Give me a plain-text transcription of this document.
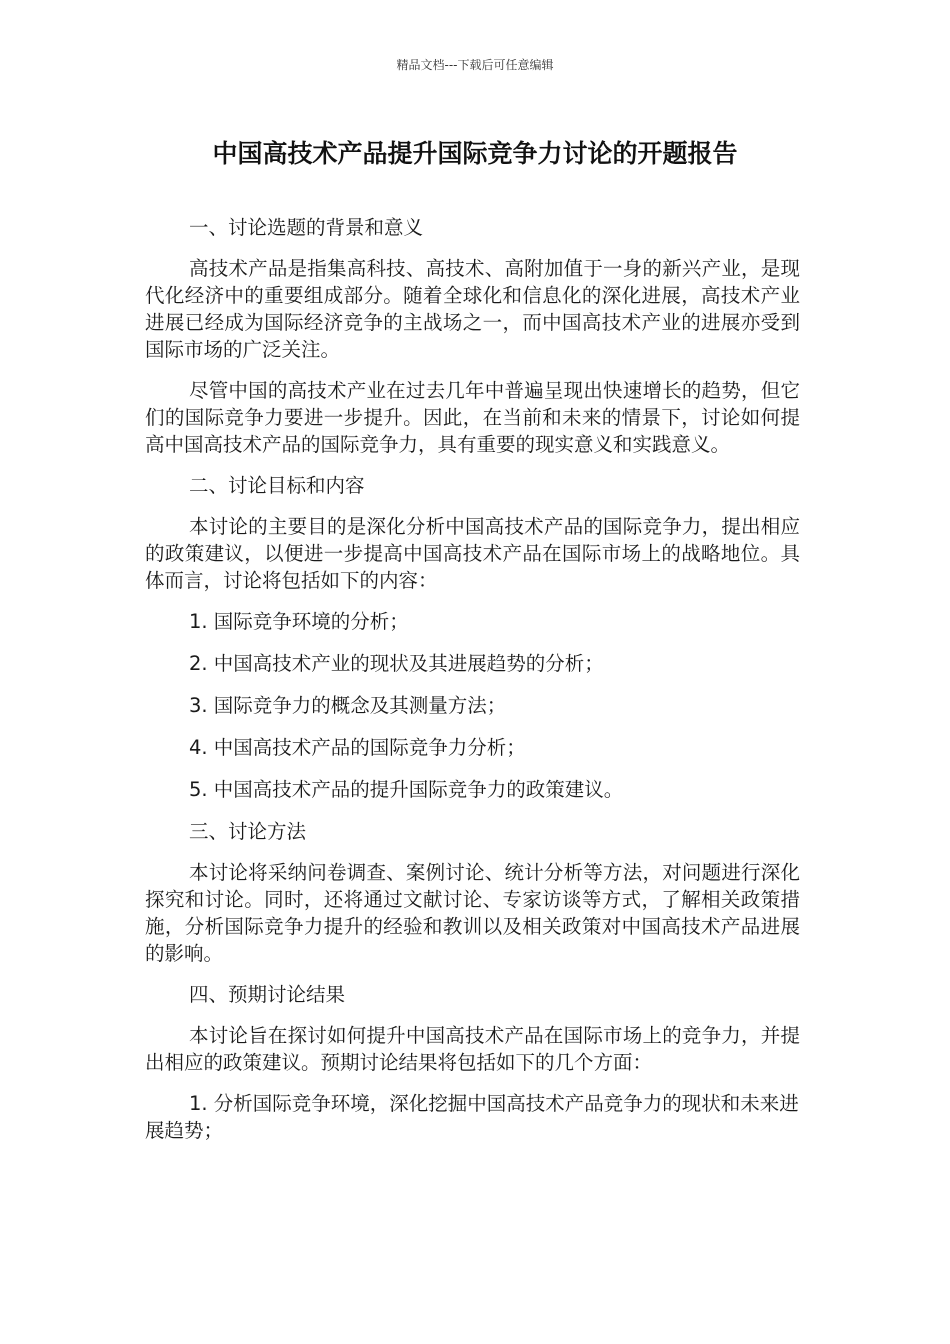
精品文档---下载后可任意编辑
中国高技术产品提升国际竞争力讨论的开题报告

一、讨论选题的背景和意义

高技术产品是指集高科技、高技术、高附加值于一身的新兴产业，是现代化经济中的重要组成部分。随着全球化和信息化的深化进展，高技术产业进展已经成为国际经济竞争的主战场之一，而中国高技术产业的进展亦受到国际市场的广泛关注。

尽管中国的高技术产业在过去几年中普遍呈现出快速增长的趋势，但它们的国际竞争力要进一步提升。因此，在当前和未来的情景下，讨论如何提高中国高技术产品的国际竞争力，具有重要的现实意义和实践意义。

二、讨论目标和内容

本讨论的主要目的是深化分析中国高技术产品的国际竞争力，提出相应的政策建议，以便进一步提高中国高技术产品在国际市场上的战略地位。具体而言，讨论将包括如下的内容：

1. 国际竞争环境的分析；

2. 中国高技术产业的现状及其进展趋势的分析；

3. 国际竞争力的概念及其测量方法；

4. 中国高技术产品的国际竞争力分析；

5. 中国高技术产品的提升国际竞争力的政策建议。

三、讨论方法

本讨论将采纳问卷调查、案例讨论、统计分析等方法，对问题进行深化探究和讨论。同时，还将通过文献讨论、专家访谈等方式，了解相关政策措施，分析国际竞争力提升的经验和教训以及相关政策对中国高技术产品进展的影响。

四、预期讨论结果

本讨论旨在探讨如何提升中国高技术产品在国际市场上的竞争力，并提出相应的政策建议。预期讨论结果将包括如下的几个方面：

1. 分析国际竞争环境，深化挖掘中国高技术产品竞争力的现状和未来进展趋势；
